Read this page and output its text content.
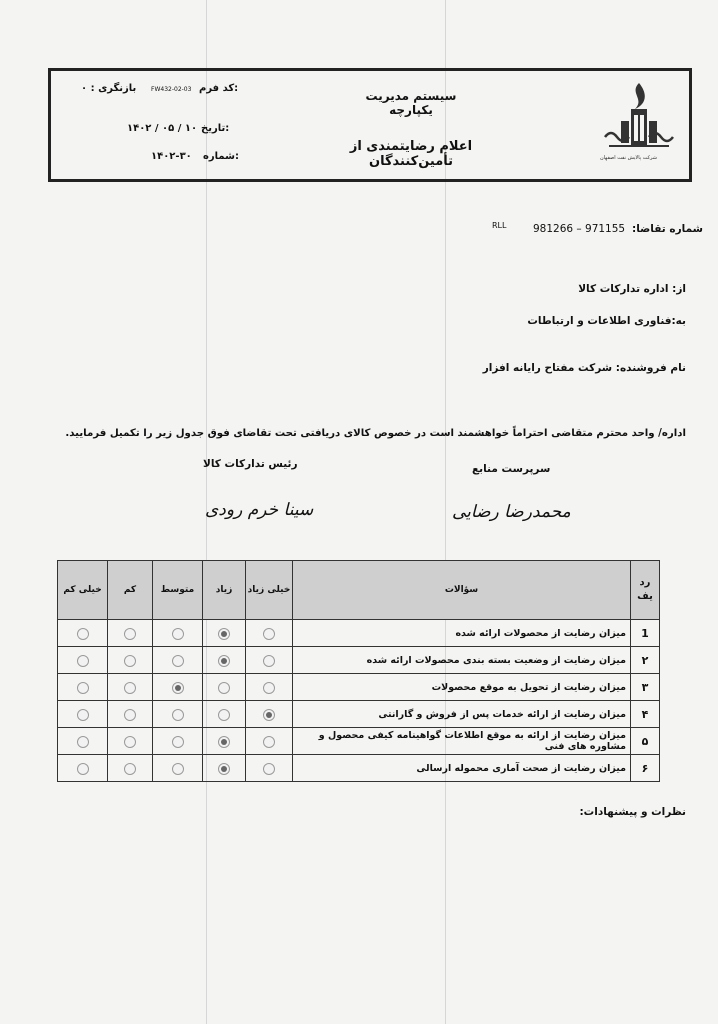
بازنگری : ۰ FW432-02-03 کد فرم:
۱۴۰۲ / ۰۵ / ۱۰ تاریخ:
۱۴۰۲-۳۰ شماره:
سیستم مدیریت یکپارچه
اعلام رضایتمندی از تأمین‌کنندگان	شرکت پالایش نفت اصفهان
RLL	981266 – 971155 شماره تقاضا:
از: اداره تدارکات کالا
به:فناوری اطلاعات و ارتباطات
نام فروشنده: شرکت مفتاح رایانه افزار
اداره/ واحد محترم متقاضی احتراماً خواهشمند است در خصوص کالای دریافتی تحت تقاضای فوق جدول زیر را تکمیل فرمایید.
رئیس تدارکات کالا	سرپرست منابع
سینا خرم رودی	محمدرضا رضایی
رد
یف	سؤالات	خیلی زیاد	زیاد	متوسط	کم	خیلی کم
1	میزان رضایت از محصولات ارائه شده					
۲	میزان رضایت از وضعیت بسته بندی محصولات ارائه شده					
۳	میزان رضایت از تحویل به موقع محصولات					
۴	میزان رضایت از ارائه خدمات پس از فروش و گارانتی					
۵	میزان رضایت از ارائه به موقع اطلاعات گواهینامه کیفی محصول و مشاوره های فنی					
۶	میزان رضایت از صحت آماری محموله ارسالی					
نظرات و پیشنهادات:
